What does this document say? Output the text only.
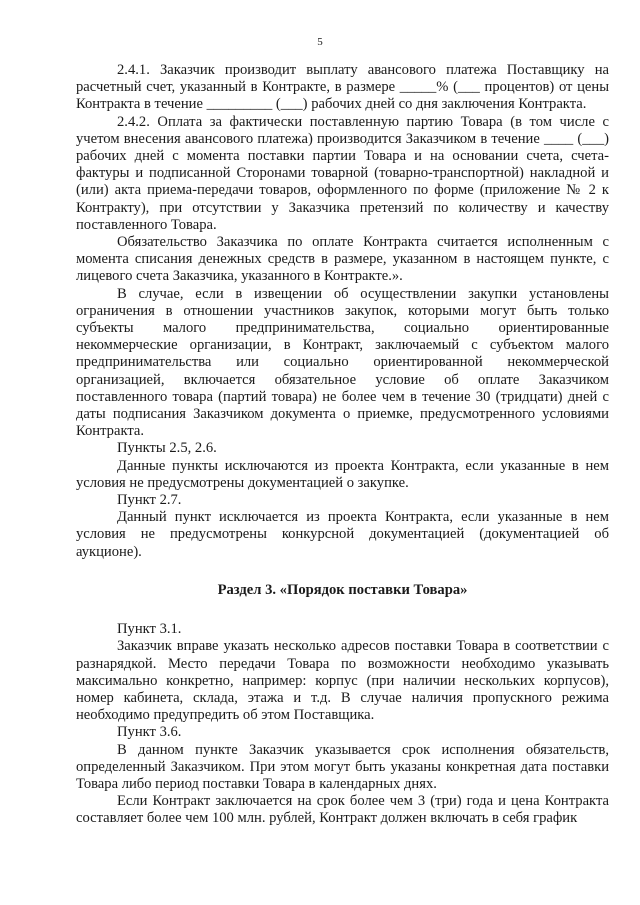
5

2.4.1. Заказчик производит выплату авансового платежа Поставщику на расчетный счет, указанный в Контракте, в размере _____% (___ процентов) от цены Контракта в течение _________ (___) рабочих дней со дня заключения Контракта.

2.4.2. Оплата за фактически поставленную партию Товара (в том числе с учетом внесения авансового платежа) производится Заказчиком в течение ____ (___) рабочих дней с момента поставки партии Товара и на основании счета, счета-фактуры и подписанной Сторонами товарной (товарно-транспортной) накладной и (или) акта приема-передачи товаров, оформленного по форме (приложение № 2 к Контракту), при отсутствии у Заказчика претензий по количеству и качеству поставленного Товара.

Обязательство Заказчика по оплате Контракта считается исполненным с момента списания денежных средств в размере, указанном в настоящем пункте, с лицевого счета Заказчика, указанного в Контракте.».

В случае, если в извещении об осуществлении закупки установлены ограничения в отношении участников закупок, которыми могут быть только субъекты малого предпринимательства, социально ориентированные некоммерческие организации, в Контракт, заключаемый с субъектом малого предпринимательства или социально ориентированной некоммерческой организацией, включается обязательное условие об оплате Заказчиком поставленного товара (партий товара) не более чем в течение 30 (тридцати) дней с даты подписания Заказчиком документа о приемке, предусмотренного условиями Контракта.

Пункты 2.5, 2.6.

Данные пункты исключаются из проекта Контракта, если указанные в нем условия не предусмотрены документацией о закупке.

Пункт 2.7.

Данный пункт исключается из проекта Контракта, если указанные в нем условия не предусмотрены конкурсной документацией (документацией об аукционе).

Раздел 3. «Порядок поставки Товара»

Пункт 3.1.

Заказчик вправе указать несколько адресов поставки Товара в соответствии с разнарядкой. Место передачи Товара по возможности необходимо указывать максимально конкретно, например: корпус (при наличии нескольких корпусов), номер кабинета, склада, этажа и т.д. В случае наличия пропускного режима необходимо предупредить об этом Поставщика.

Пункт 3.6.

В данном пункте Заказчик указывается срок исполнения обязательств, определенный Заказчиком. При этом могут быть указаны конкретная дата поставки Товара либо период поставки Товара в календарных днях.

Если Контракт заключается на срок более чем 3 (три) года и цена Контракта составляет более чем 100 млн. рублей, Контракт должен включать в себя график
